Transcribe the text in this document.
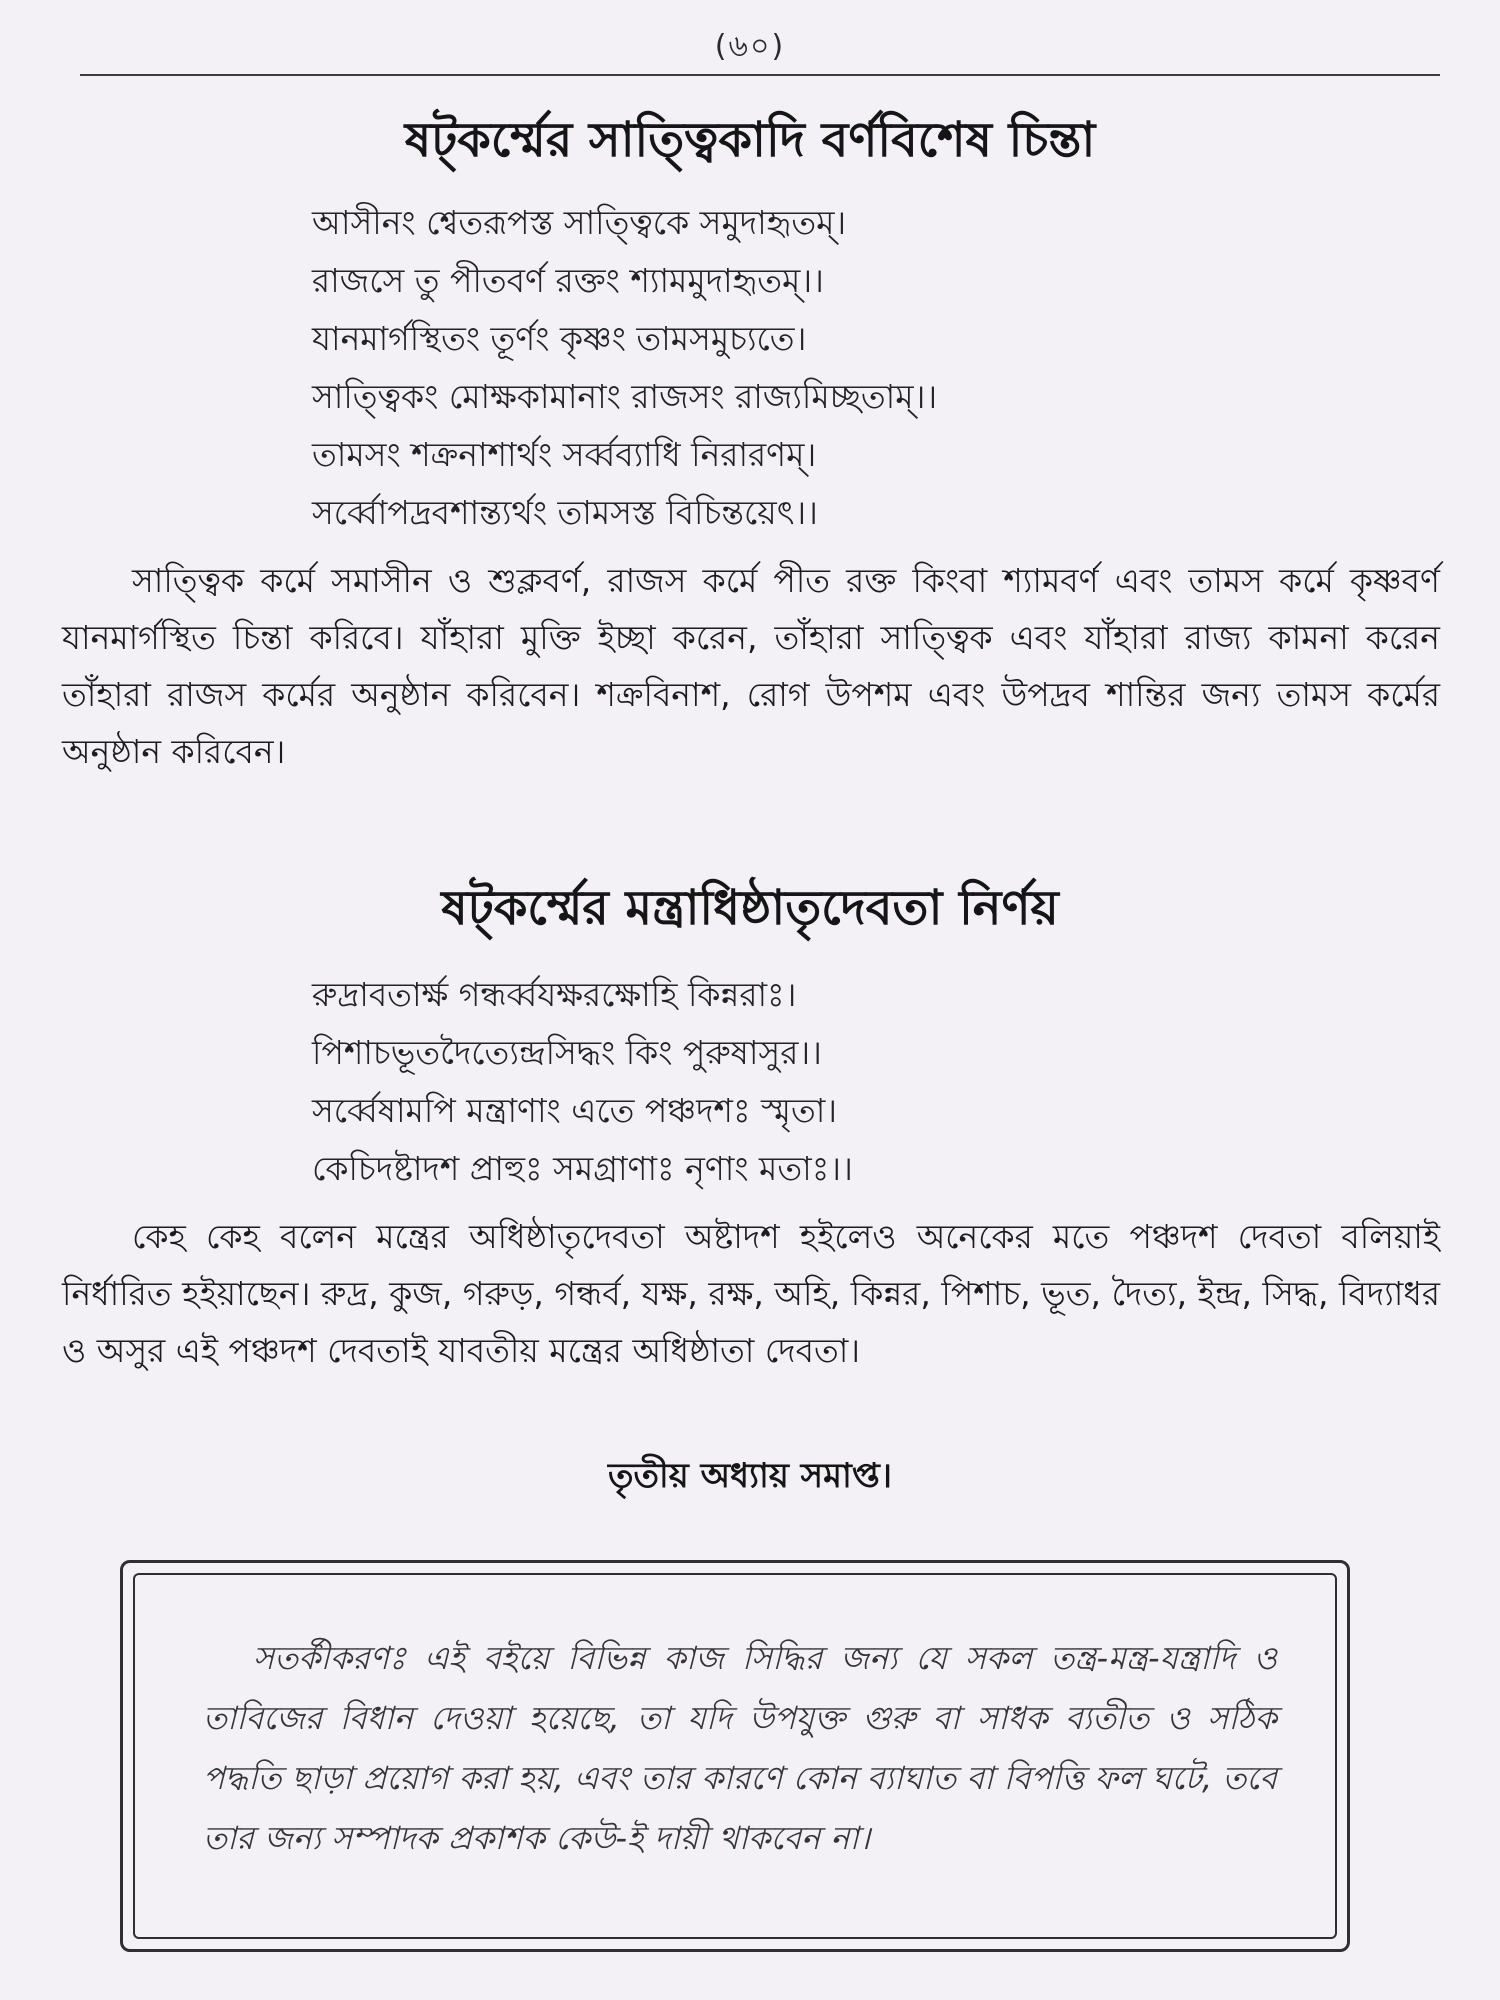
(৬০)
ষট্‌কর্ম্মের সাত্ত্বিকাদি বর্ণবিশেষ চিন্তা
আসীনং শ্বেতরূপস্ত সাত্ত্বিকে সমুদাহৃতম্।
রাজসে তু পীতবর্ণ রক্তং শ্যামমুদাহৃতম্।।
যানমার্গস্থিতং তূর্ণং কৃষ্ণং তামসমুচ্যতে।
সাত্ত্বিকং মোক্ষকামানাং রাজসং রাজ্যমিচ্ছতাম্।।
তামসং শক্রনাশার্থং সর্ব্বব্যাধি নিরারণম্।
সর্ব্বোপদ্রবশান্ত্যর্থং তামসস্ত বিচিন্তয়েৎ।।
সাত্ত্বিক কর্মে সমাসীন ও শুক্লবর্ণ, রাজস কর্মে পীত রক্ত কিংবা শ্যামবর্ণ এবং তামস কর্মে কৃষ্ণবর্ণ যানমার্গস্থিত চিন্তা করিবে। যাঁহারা মুক্তি ইচ্ছা করেন, তাঁহারা সাত্ত্বিক এবং যাঁহারা রাজ্য কামনা করেন তাঁহারা রাজস কর্মের অনুষ্ঠান করিবেন। শক্রবিনাশ, রোগ উপশম এবং উপদ্রব শান্তির জন্য তামস কর্মের অনুষ্ঠান করিবেন।
ষট্‌কর্ম্মের মন্ত্রাধিষ্ঠাতৃদেবতা নির্ণয়
রুদ্রাবতার্ক্ষ গন্ধর্ব্বযক্ষরক্ষোহি কিন্নরাঃ।
পিশাচভূতদৈত্যেন্দ্রসিদ্ধং কিং পুরুষাসুর।।
সর্ব্বেষামপি মন্ত্রাণাং এতে পঞ্চদশঃ স্মৃতা।
কেচিদষ্টাদশ প্রাহুঃ সমগ্রাণাঃ নৃণাং মতাঃ।।
কেহ কেহ বলেন মন্ত্রের অধিষ্ঠাতৃদেবতা অষ্টাদশ হইলেও অনেকের মতে পঞ্চদশ দেবতা বলিয়াই নির্ধারিত হইয়াছেন। রুদ্র, কুজ, গরুড়, গন্ধর্ব, যক্ষ, রক্ষ, অহি, কিন্নর, পিশাচ, ভূত, দৈত্য, ইন্দ্র, সিদ্ধ, বিদ্যাধর ও অসুর এই পঞ্চদশ দেবতাই যাবতীয় মন্ত্রের অধিষ্ঠাতা দেবতা।
তৃতীয় অধ্যায় সমাপ্ত।
সতর্কীকরণঃ এই বইয়ে বিভিন্ন কাজ সিদ্ধির জন্য যে সকল তন্ত্র-মন্ত্র-যন্ত্রাদি ও তাবিজের বিধান দেওয়া হয়েছে, তা যদি উপযুক্ত গুরু বা সাধক ব্যতীত ও সঠিক পদ্ধতি ছাড়া প্রয়োগ করা হয়, এবং তার কারণে কোন ব্যাঘাত বা বিপত্তি ফল ঘটে, তবে তার জন্য সম্পাদক প্রকাশক কেউ-ই দায়ী থাকবেন না।
